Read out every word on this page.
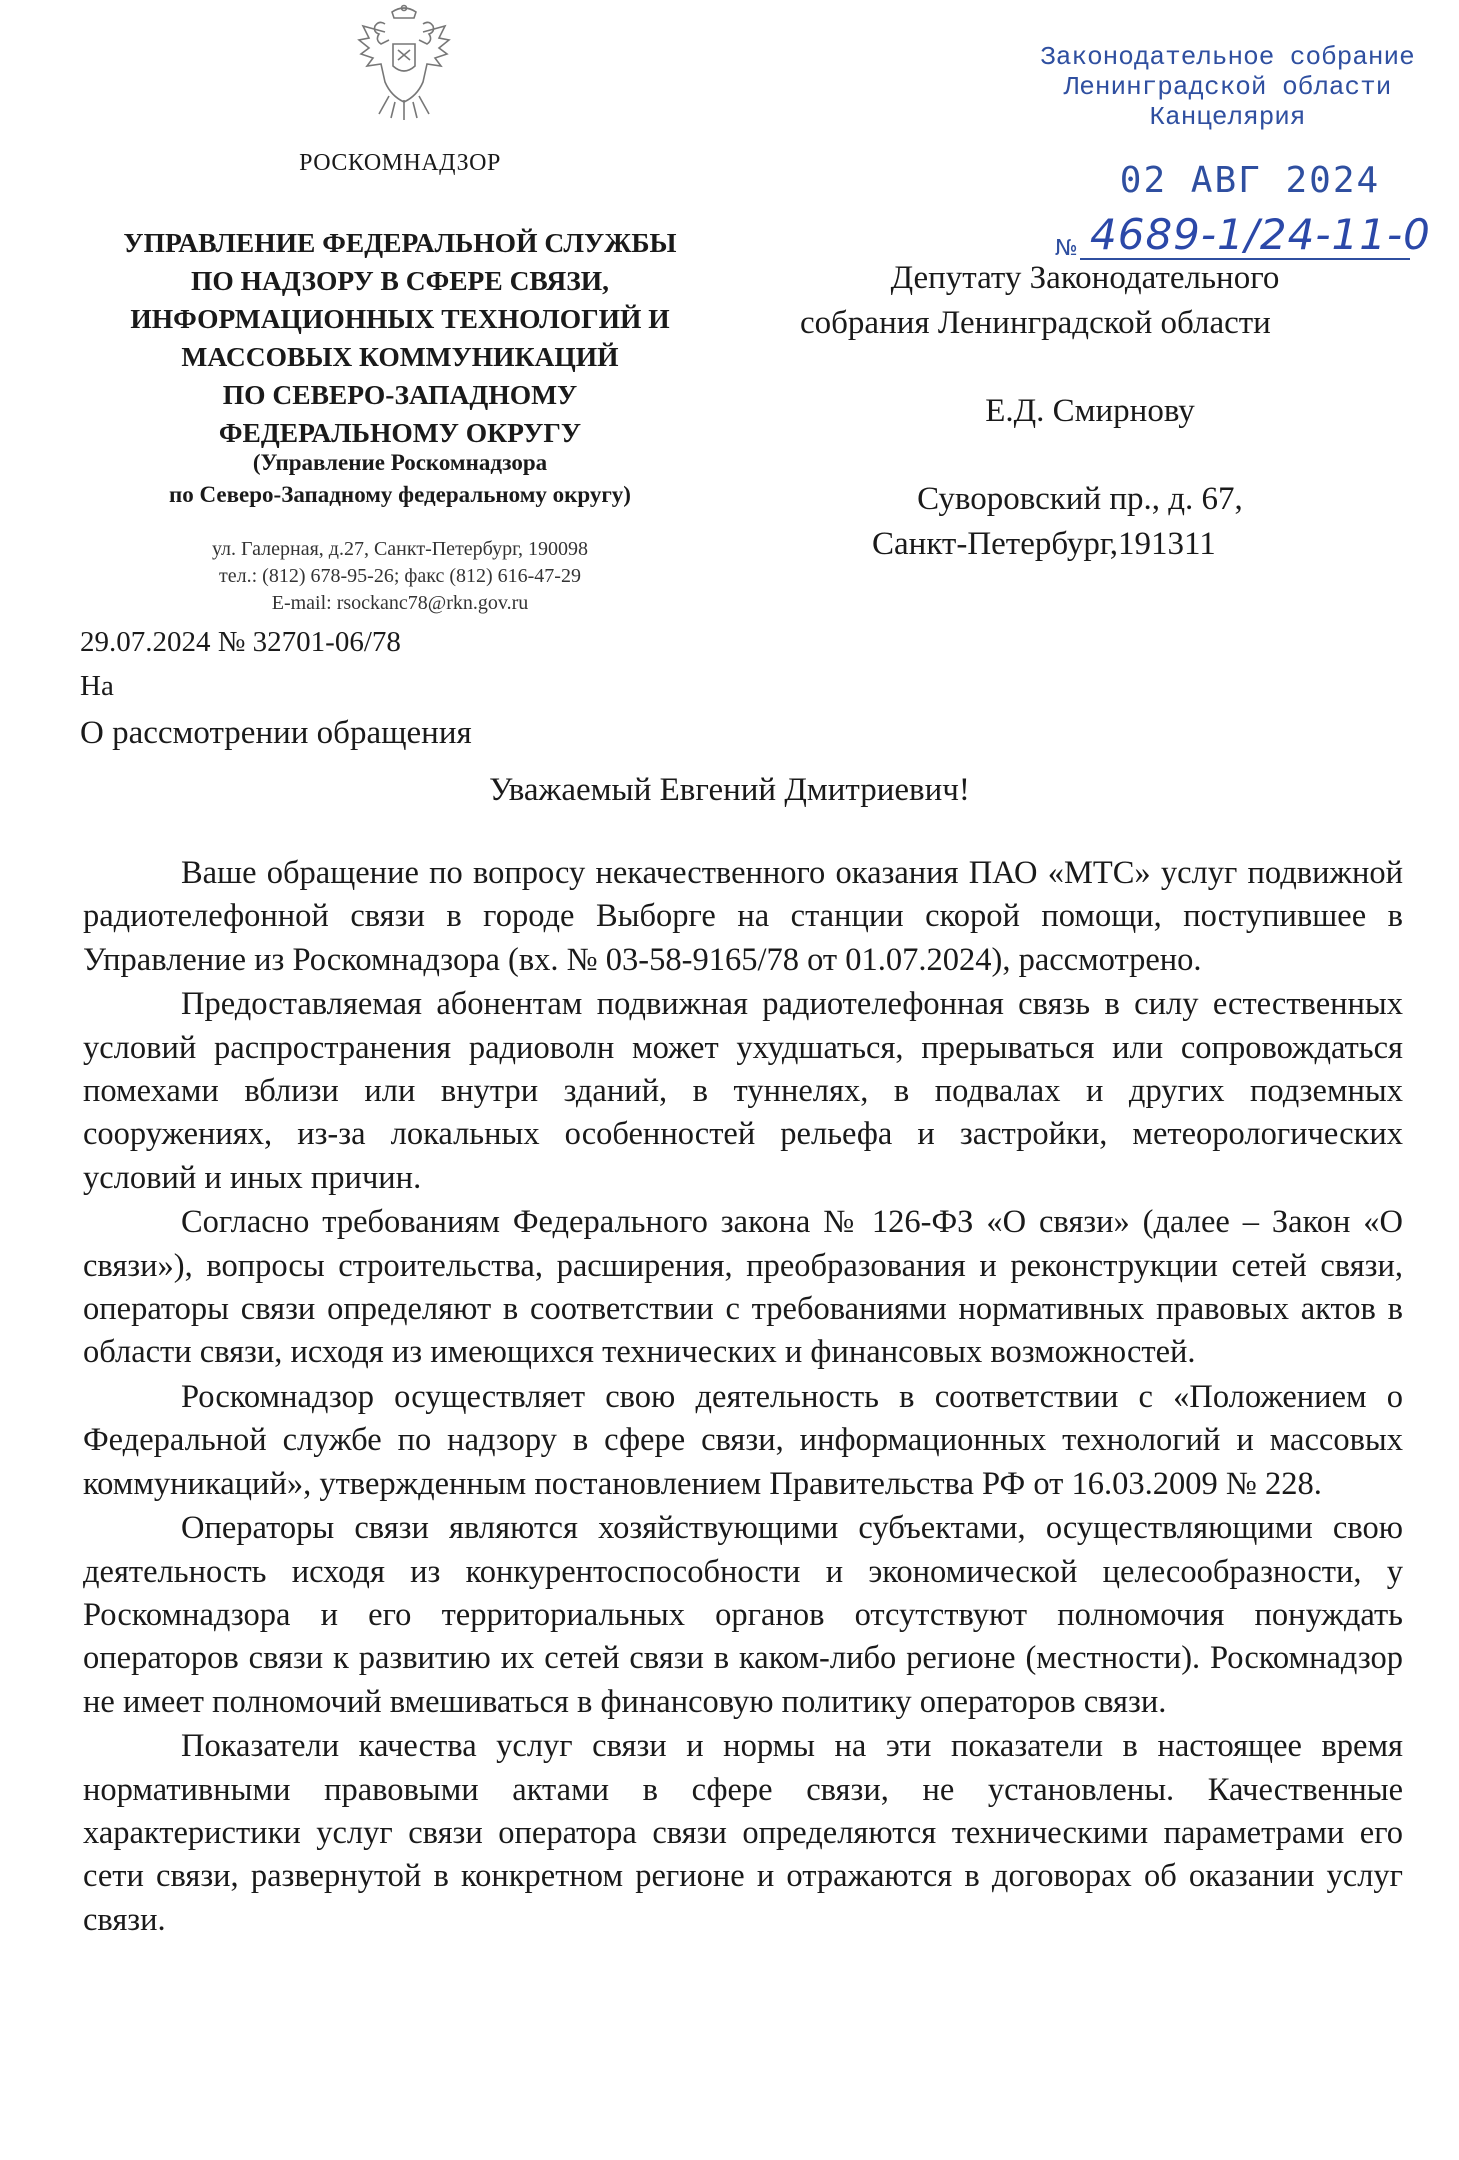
РОСКОМНАДЗОР
УПРАВЛЕНИЕ ФЕДЕРАЛЬНОЙ СЛУЖБЫ
ПО НАДЗОРУ В СФЕРЕ СВЯЗИ,
ИНФОРМАЦИОННЫХ ТЕХНОЛОГИЙ И
МАССОВЫХ КОММУНИКАЦИЙ
ПО СЕВЕРО-ЗАПАДНОМУ
ФЕДЕРАЛЬНОМУ ОКРУГУ
(Управление Роскомнадзора
по Северо-Западному федеральному округу)
ул. Галерная, д.27, Санкт-Петербург, 190098
тел.: (812) 678-95-26; факс (812) 616-47-29
E-mail: rsockanc78@rkn.gov.ru
Законодательное собрание
Ленинградской области
Канцелярия
02 АВГ 2024
№ 4689-1/24-11-0
Депутату Законодательного
собрания Ленинградской области
Е.Д. Смирнову
Суворовский пр., д. 67,
Санкт-Петербург,191311
29.07.2024 № 32701-06/78
На
О рассмотрении обращения
Уважаемый Евгений Дмитриевич!

Ваше обращение по вопросу некачественного оказания ПАО «МТС» услуг подвижной радиотелефонной связи в городе Выборге на станции скорой помощи, поступившее в Управление из Роскомнадзора (вх. № 03-58-9165/78 от 01.07.2024), рассмотрено.

Предоставляемая абонентам подвижная радиотелефонная связь в силу естественных условий распространения радиоволн может ухудшаться, прерываться или сопровождаться помехами вблизи или внутри зданий, в туннелях, в подвалах и других подземных сооружениях, из-за локальных особенностей рельефа и застройки, метеорологических условий и иных причин.

Согласно требованиям Федерального закона № 126-ФЗ «О связи» (далее – Закон «О связи»), вопросы строительства, расширения, преобразования и реконструкции сетей связи, операторы связи определяют в соответствии с требованиями нормативных правовых актов в области связи, исходя из имеющихся технических и финансовых возможностей.

Роскомнадзор осуществляет свою деятельность в соответствии с «Положением о Федеральной службе по надзору в сфере связи, информационных технологий и массовых коммуникаций», утвержденным постановлением Правительства РФ от 16.03.2009 № 228.

Операторы связи являются хозяйствующими субъектами, осуществляющими свою деятельность исходя из конкурентоспособности и экономической целесообразности, у Роскомнадзора и его территориальных органов отсутствуют полномочия понуждать операторов связи к развитию их сетей связи в каком-либо регионе (местности). Роскомнадзор не имеет полномочий вмешиваться в финансовую политику операторов связи.

Показатели качества услуг связи и нормы на эти показатели в настоящее время нормативными правовыми актами в сфере связи, не установлены. Качественные характеристики услуг связи оператора связи определяются техническими параметрами его сети связи, развернутой в конкретном регионе и отражаются в договорах об оказании услуг связи.
